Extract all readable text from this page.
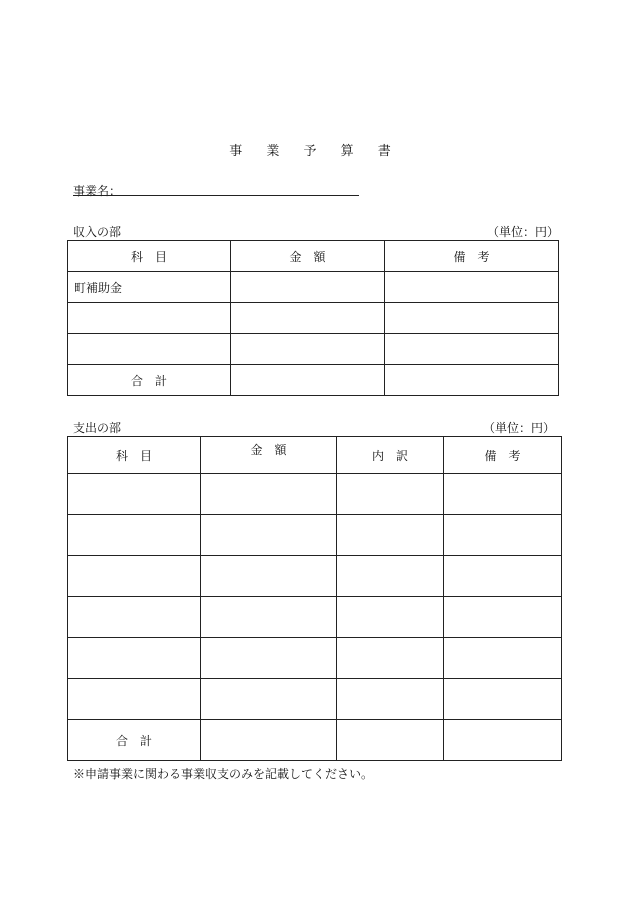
事 業 予 算 書
事業名：
収入の部	（単位：円）
科　目	金　額	備　考
町補助金		

合　計		
支出の部	（単位：円）
科　目	金　額	内　訳	備　考

合　計			
※申請事業に関わる事業収支のみを記載してください。
